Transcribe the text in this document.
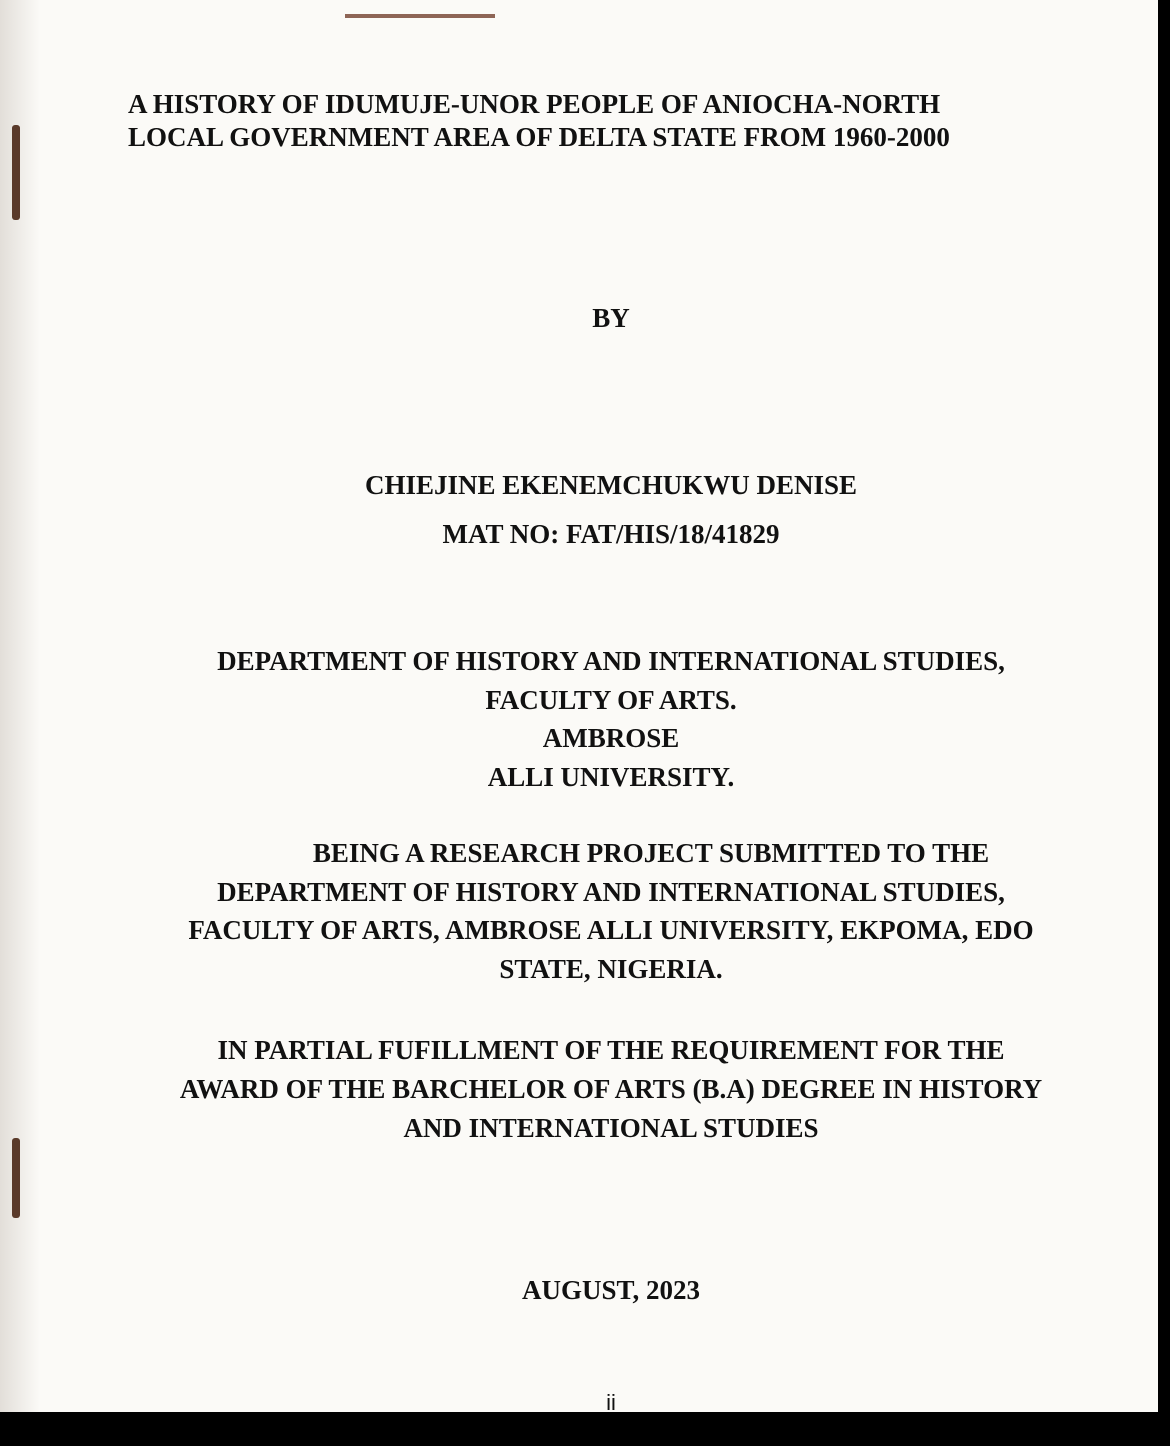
A HISTORY OF IDUMUJE-UNOR PEOPLE OF ANIOCHA-NORTH

LOCAL GOVERNMENT AREA OF DELTA STATE FROM 1960-2000

BY

CHIEJINE EKENEMCHUKWU DENISE

MAT NO: FAT/HIS/18/41829

DEPARTMENT OF HISTORY AND INTERNATIONAL STUDIES,

FACULTY OF ARTS.

AMBROSE

ALLI UNIVERSITY.

BEING A RESEARCH PROJECT SUBMITTED TO THE

DEPARTMENT OF HISTORY AND INTERNATIONAL STUDIES,

FACULTY OF ARTS, AMBROSE ALLI UNIVERSITY, EKPOMA, EDO

STATE, NIGERIA.

IN PARTIAL FUFILLMENT OF THE REQUIREMENT FOR THE

AWARD OF THE BARCHELOR OF ARTS (B.A) DEGREE IN HISTORY

AND INTERNATIONAL STUDIES

AUGUST, 2023

ii
